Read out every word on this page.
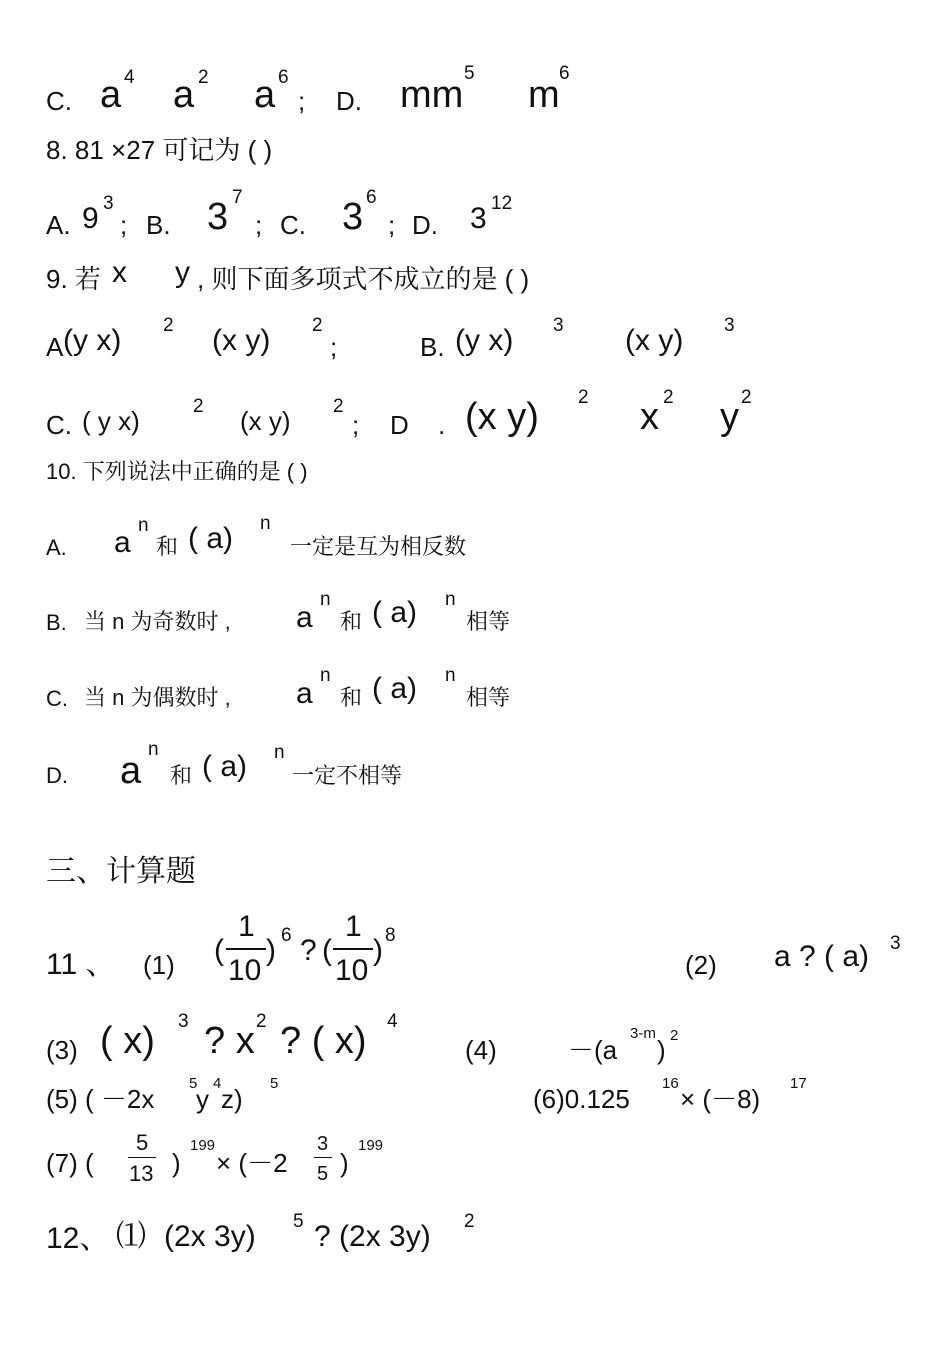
C. a 4 a 2 a 6
; D. mm
5
m
6
8. 81 ×27 可记为 ( )
A. 9 3
; B. 3 7
; C. 3 6
; D. 3 12
9. 若 x y , 则下面多项式不成立的是 ( )
A (y x) 2 (x y) 2
;	B. (y x) 3 (x y) 3
C. ( y x)	2 (x y) 2
; D . (x y) 2 x 2 y 2
10. 下列说法中正确的是 ( )
A. a
n
和 ( a) n
一定是互为相反数
B. 当 n 为奇数时 , a
n
和 ( a) n
相等
C. 当 n 为偶数时 , a
n
和 ( a) n
相等
D. a
n
和 ( a) n
一定不相等
三、计算题
11 、 (1) (
1
10
) 6 ? (
1
10
) 8
(2) a ? ( a) 3
(3) ( x) 3 ? x 2 ? ( x) 4
(4)	－(a
3-m
) 2
(5) ( －2x
5
y
4
z)
5
(6)0.125
16
× (－8)
17
(7) (
5
13 )
199
× (－2
3
5 )
199
12、 ⑴ (2x 3y) 5 ? (2x 3y) 2
